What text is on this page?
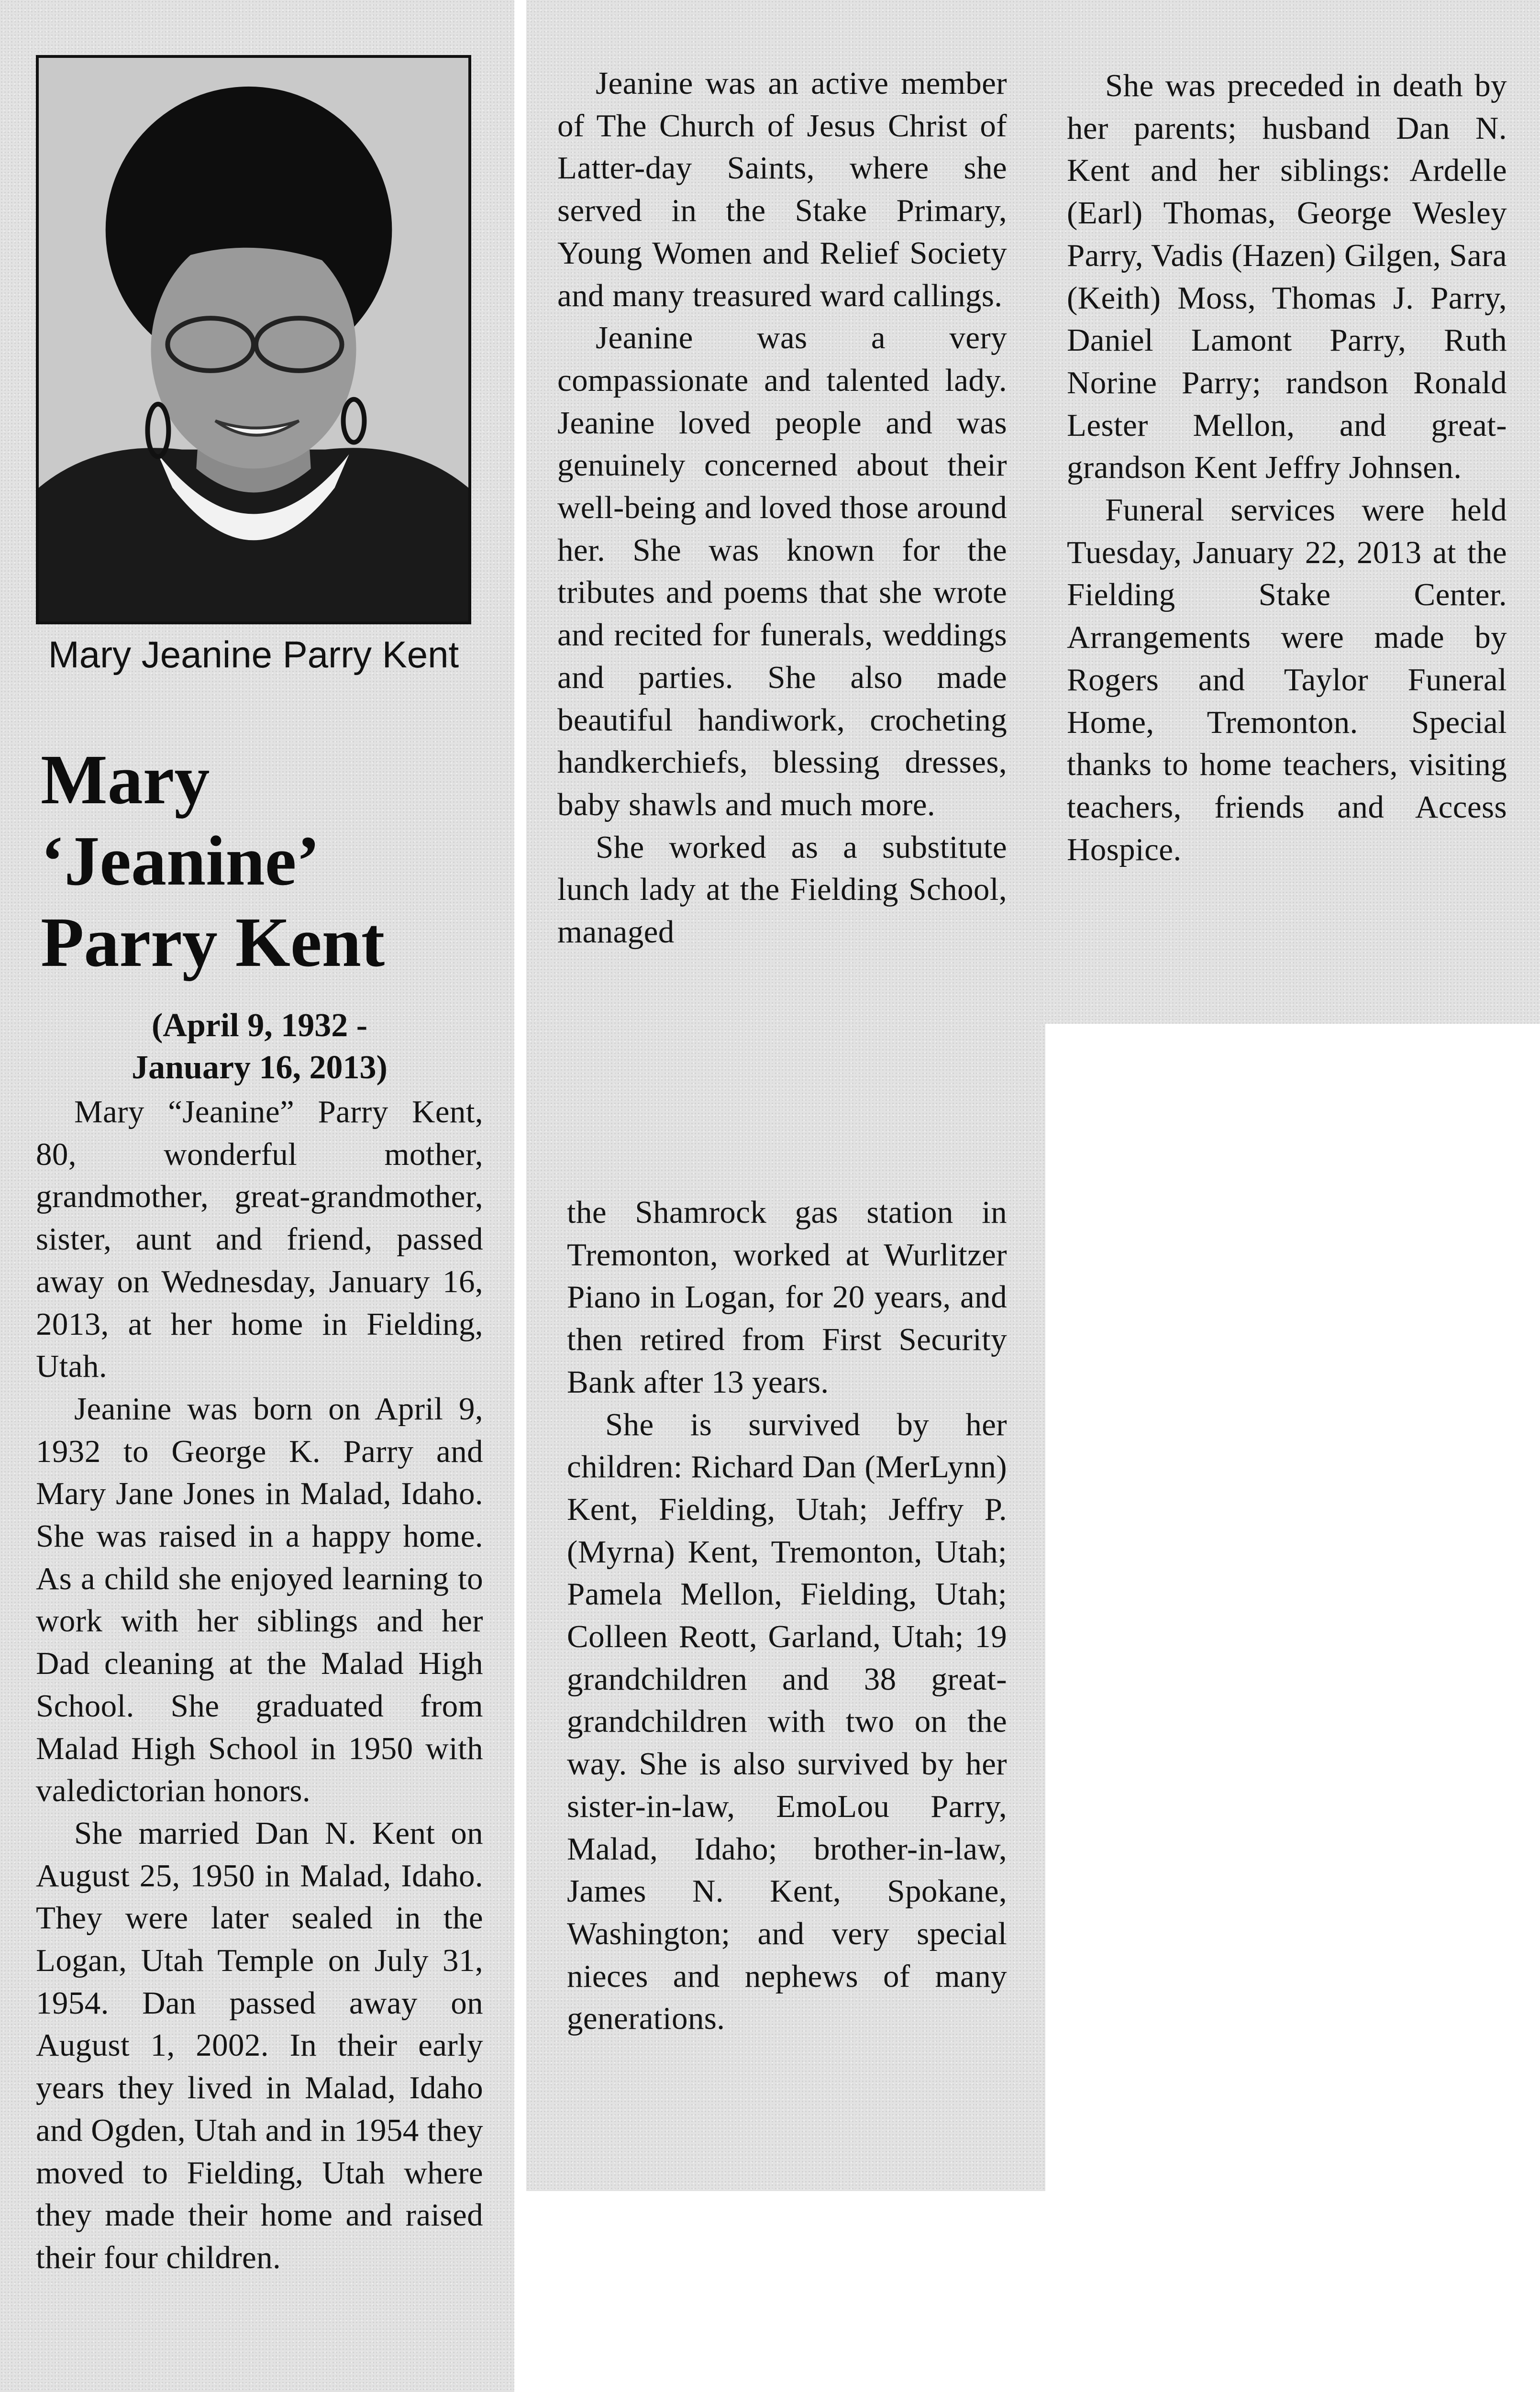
Mary Jeanine Parry Kent
Mary
‘Jeanine’
Parry Kent
(April 9, 1932 -
January 16, 2013)

Mary “Jeanine” Parry Kent, 80, wonderful mother, grandmother, great-grandmother, sister, aunt and friend, passed away on Wednesday, January 16, 2013, at her home in Fielding, Utah.

Jeanine was born on April 9, 1932 to George K. Parry and Mary Jane Jones in Malad, Idaho. She was raised in a happy home. As a child she enjoyed learning to work with her siblings and her Dad cleaning at the Malad High School. She graduated from Malad High School in 1950 with valedictorian honors.

She married Dan N. Kent on August 25, 1950 in Malad, Idaho. They were later sealed in the Logan, Utah Temple on July 31, 1954. Dan passed away on August 1, 2002. In their early years they lived in Malad, Idaho and Ogden, Utah and in 1954 they moved to Fielding, Utah where they made their home and raised their four children.

Jeanine was an active member of The Church of Jesus Christ of Latter-day Saints, where she served in the Stake Primary, Young Women and Relief Society and many treasured ward callings.

Jeanine was a very compassionate and talented lady. Jeanine loved people and was genuinely concerned about their well-being and loved those around her. She was known for the tributes and poems that she wrote and recited for funerals, weddings and parties. She also made beautiful handiwork, crocheting handkerchiefs, blessing dresses, baby shawls and much more.

She worked as a substitute lunch lady at the Fielding School, managed

the Shamrock gas station in Tremonton, worked at Wurlitzer Piano in Logan, for 20 years, and then retired from First Security Bank after 13 years.

She is survived by her children: Richard Dan (MerLynn) Kent, Fielding, Utah; Jeffry P. (Myrna) Kent, Tremonton, Utah; Pamela Mellon, Fielding, Utah; Colleen Reott, Garland, Utah; 19 grandchildren and 38 great-grandchildren with two on the way. She is also survived by her sister-in-law, EmoLou Parry, Malad, Idaho; brother-in-law, James N. Kent, Spokane, Washington; and very special nieces and nephews of many generations.

She was preceded in death by her parents; husband Dan N. Kent and her siblings: Ardelle (Earl) Thomas, George Wesley Parry, Vadis (Hazen) Gilgen, Sara (Keith) Moss, Thomas J. Parry, Daniel Lamont Parry, Ruth Norine Parry; randson Ronald Lester Mellon, and great-grandson Kent Jeffry Johnsen.

Funeral services were held Tuesday, January 22, 2013 at the Fielding Stake Center. Arrangements were made by Rogers and Taylor Funeral Home, Tremonton. Special thanks to home teachers, visiting teachers, friends and Access Hospice.
